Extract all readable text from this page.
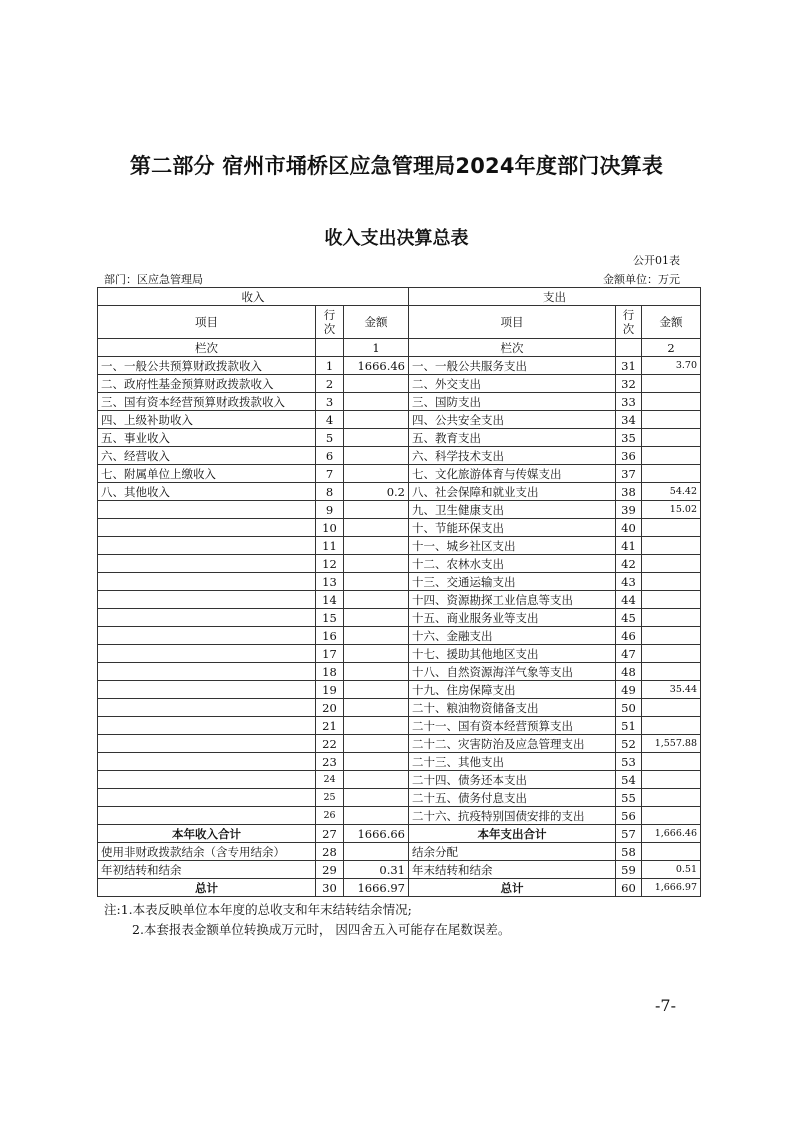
第二部分 宿州市埇桥区应急管理局2024年度部门决算表
收入支出决算总表
公开01表
部门：区应急管理局	金额单位：万元
收入			支出		
项目	行次	金额	项目	行次	金额
栏次		1	栏次		2
一、一般公共预算财政拨款收入	1	1666.46	一、一般公共服务支出	31	3.70
二、政府性基金预算财政拨款收入	2		二、外交支出	32	
三、国有资本经营预算财政拨款收入	3		三、国防支出	33	
四、上级补助收入	4		四、公共安全支出	34	
五、事业收入	5		五、教育支出	35	
六、经营收入	6		六、科学技术支出	36	
七、附属单位上缴收入	7		七、文化旅游体育与传媒支出	37	
八、其他收入	8	0.2	八、社会保障和就业支出	38	54.42
	9		九、卫生健康支出	39	15.02
	10		十、节能环保支出	40	
	11		十一、城乡社区支出	41	
	12		十二、农林水支出	42	
	13		十三、交通运输支出	43	
	14		十四、资源勘探工业信息等支出	44	
	15		十五、商业服务业等支出	45	
	16		十六、金融支出	46	
	17		十七、援助其他地区支出	47	
	18		十八、自然资源海洋气象等支出	48	
	19		十九、住房保障支出	49	35.44
	20		二十、粮油物资储备支出	50	
	21		二十一、国有资本经营预算支出	51	
	22		二十二、灾害防治及应急管理支出	52	1,557.88
	23		二十三、其他支出	53	
	24		二十四、债务还本支出	54	
	25		二十五、债务付息支出	55	
	26		二十六、抗疫特别国债安排的支出	56	
本年收入合计	27	1666.66	本年支出合计	57	1,666.46
使用非财政拨款结余（含专用结余）	28		结余分配	58	
年初结转和结余	29	0.31	年末结转和结余	59	0.51
总计	30	1666.97	总计	60	1,666.97
注:1.本表反映单位本年度的总收支和年末结转结余情况;
2.本套报表金额单位转换成万元时， 因四舍五入可能存在尾数误差。
-7-
